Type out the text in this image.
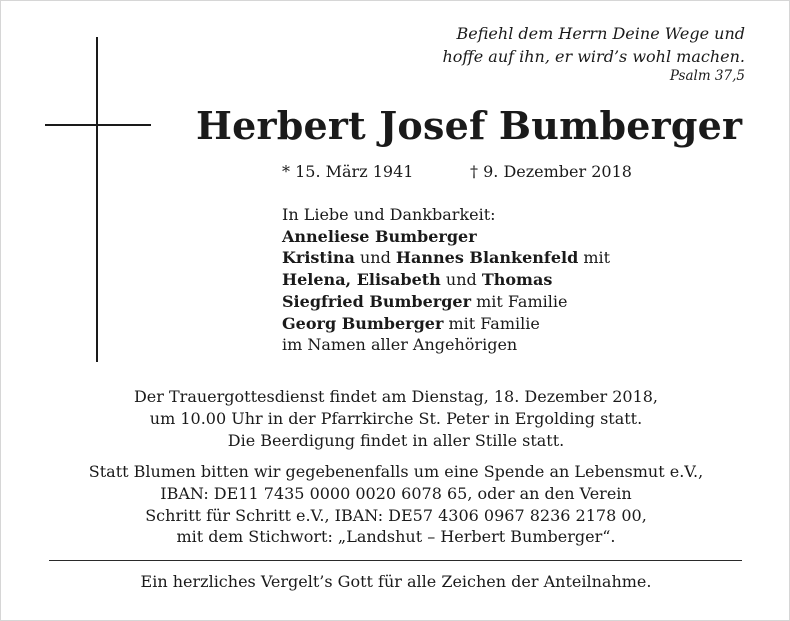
Befiehl dem Herrn Deine Wege und
hoffe auf ihn, er wird’s wohl machen.
Psalm 37,5
Herbert Josef Bumberger
* 15. März 1941	† 9. Dezember 2018
In Liebe und Dankbarkeit:
Anneliese Bumberger
Kristina und Hannes Blankenfeld mit
Helena, Elisabeth und Thomas
Siegfried Bumberger mit Familie
Georg Bumberger mit Familie
im Namen aller Angehörigen
Der Trauergottesdienst findet am Dienstag, 18. Dezember 2018,
um 10.00 Uhr in der Pfarrkirche St. Peter in Ergolding statt.
Die Beerdigung findet in aller Stille statt.
Statt Blumen bitten wir gegebenenfalls um eine Spende an Lebensmut e.V.,
IBAN: DE11 7435 0000 0020 6078 65, oder an den Verein
Schritt für Schritt e.V., IBAN: DE57 4306 0967 8236 2178 00,
mit dem Stichwort: „Landshut – Herbert Bumberger“.
Ein herzliches Vergelt’s Gott für alle Zeichen der Anteilnahme.
